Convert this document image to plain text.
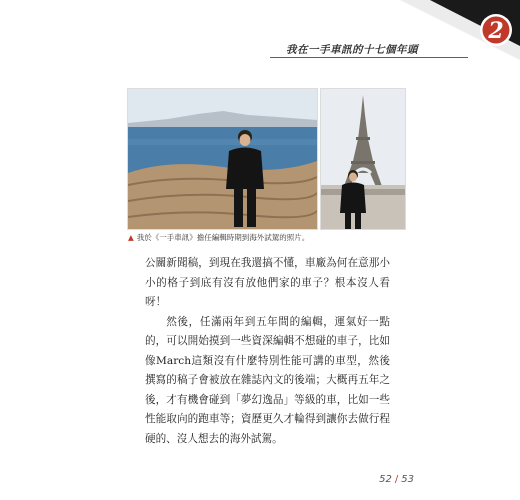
2
我在一手車訊的十七個年頭
▲ 我於《一手車訊》擔任編輯時期到海外試駕的照片。

公關新聞稿，到現在我還搞不懂，車廠為何在意那小小的格子到底有沒有放他們家的車子？根本沒人看呀！

然後，任滿兩年到五年間的編輯，運氣好一點的，可以開始摸到一些資深編輯不想碰的車子，比如像March這類沒有什麼特別性能可講的車型，然後撰寫的稿子會被放在雜誌內文的後端；大概再五年之後，才有機會碰到「夢幻逸品」等級的車，比如一些性能取向的跑車等；資歷更久才輪得到讓你去做行程硬的、沒人想去的海外試駕。

52 / 53
